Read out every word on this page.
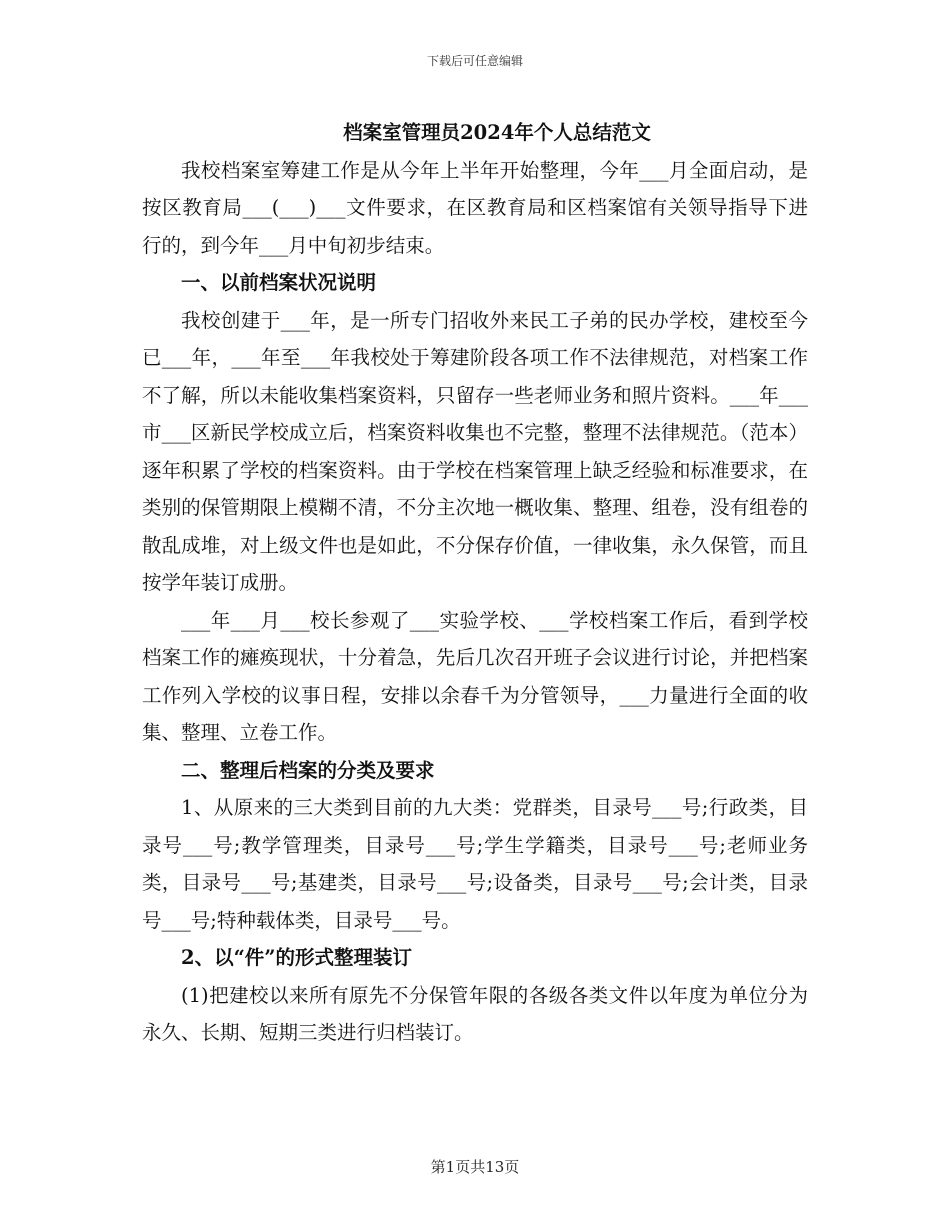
下载后可任意编辑

档案室管理员2024年个人总结范文

我校档案室筹建工作是从今年上半年开始整理，今年___月全面启动，是按区教育局___(___)___文件要求，在区教育局和区档案馆有关领导指导下进行的，到今年___月中旬初步结束。

一、以前档案状况说明

我校创建于___年，是一所专门招收外来民工子弟的民办学校，建校至今已___年，___年至___年我校处于筹建阶段各项工作不法律规范，对档案工作不了解，所以未能收集档案资料，只留存一些老师业务和照片资料。___年___市___区新民学校成立后，档案资料收集也不完整，整理不法律规范。（范本）逐年积累了学校的档案资料。由于学校在档案管理上缺乏经验和标准要求，在类别的保管期限上模糊不清，不分主次地一概收集、整理、组卷，没有组卷的散乱成堆，对上级文件也是如此，不分保存价值，一律收集，永久保管，而且按学年装订成册。

___年___月___校长参观了___实验学校、___学校档案工作后，看到学校档案工作的瘫痪现状，十分着急，先后几次召开班子会议进行讨论，并把档案工作列入学校的议事日程，安排以余春千为分管领导，___力量进行全面的收集、整理、立卷工作。

二、整理后档案的分类及要求

1、从原来的三大类到目前的九大类：党群类，目录号___号;行政类，目录号___号;教学管理类，目录号___号;学生学籍类，目录号___号;老师业务类，目录号___号;基建类，目录号___号;设备类，目录号___号;会计类，目录号___号;特种载体类，目录号___号。

2、以“件”的形式整理装订

(1)把建校以来所有原先不分保管年限的各级各类文件以年度为单位分为永久、长期、短期三类进行归档装订。

第1页共13页
